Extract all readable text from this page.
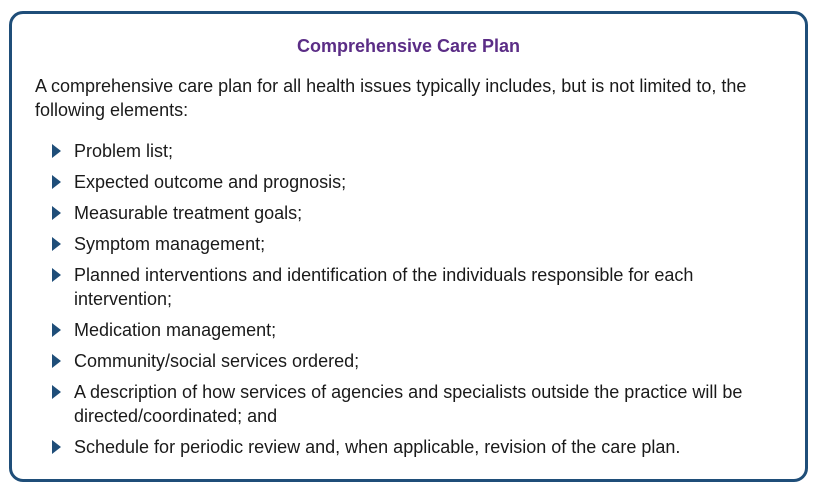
Comprehensive Care Plan
A comprehensive care plan for all health issues typically includes, but is not limited to, the following elements:
Problem list;
Expected outcome and prognosis;
Measurable treatment goals;
Symptom management;
Planned interventions and identification of the individuals responsible for each intervention;
Medication management;
Community/social services ordered;
A description of how services of agencies and specialists outside the practice will be directed/coordinated; and
Schedule for periodic review and, when applicable, revision of the care plan.
